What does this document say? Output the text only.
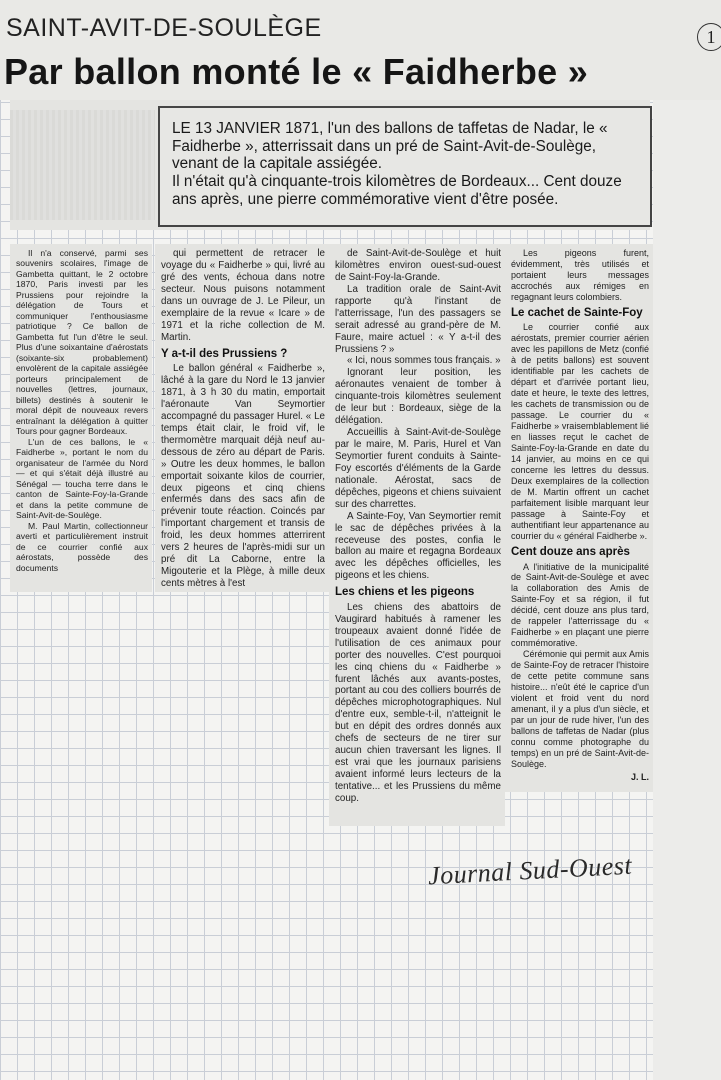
SAINT-AVIT-DE-SOULÈGE
Par ballon monté le « Faidherbe »
1

LE 13 JANVIER 1871, l'un des ballons de taffetas de Nadar, le « Faidherbe », atterrissait dans un pré de Saint-Avit-de-Soulège, venant de la capitale assiégée.

Il n'était qu'à cinquante-trois kilomètres de Bordeaux... Cent douze ans après, une pierre commémorative vient d'être posée.

Il n'a conservé, parmi ses souvenirs scolaires, l'image de Gambetta quittant, le 2 octobre 1870, Paris investi par les Prussiens pour rejoindre la délégation de Tours et communiquer l'enthousiasme patriotique ? Ce ballon de Gambetta fut l'un d'être le seul. Plus d'une soixantaine d'aérostats (soixante-six probablement) envolèrent de la capitale assiégée porteurs principalement de nouvelles (lettres, journaux, billets) destinés à soutenir le moral dépit de nouveaux revers entraînant la délégation à quitter Tours pour gagner Bordeaux.

L'un de ces ballons, le « Faidherbe », portant le nom du organisateur de l'armée du Nord — et qui s'était déjà illustré au Sénégal — toucha terre dans le canton de Sainte-Foy-la-Grande et dans la petite commune de Saint-Avit-de-Soulège.

M. Paul Martin, collectionneur averti et particulièrement instruit de ce courrier confié aux aérostats, possède des documents

qui permettent de retracer le voyage du « Faidherbe » qui, livré au gré des vents, échoua dans notre secteur. Nous puisons notamment dans un ouvrage de J. Le Pileur, un exemplaire de la revue « Icare » de 1971 et la riche collection de M. Martin.

Y a-t-il des Prussiens ?

Le ballon général « Faidherbe », lâché à la gare du Nord le 13 janvier 1871, à 3 h 30 du matin, emportait l'aéronaute Van Seymortier accompagné du passager Hurel. « Le temps était clair, le froid vif, le thermomètre marquait déjà neuf au-dessous de zéro au départ de Paris. » Outre les deux hommes, le ballon emportait soixante kilos de courrier, deux pigeons et cinq chiens enfermés dans des sacs afin de prévenir toute réaction. Coincés par l'important chargement et transis de froid, les deux hommes atterrirent vers 2 heures de l'après-midi sur un pré dit La Caborne, entre la Migouterie et la Plège, à mille deux cents mètres à l'est

de Saint-Avit-de-Soulège et huit kilomètres environ ouest-sud-ouest de Saint-Foy-la-Grande.

La tradition orale de Saint-Avit rapporte qu'à l'instant de l'atterrissage, l'un des passagers se serait adressé au grand-père de M. Faure, maire actuel : « Y a-t-il des Prussiens ? »

« Ici, nous sommes tous français. »

Ignorant leur position, les aéronautes venaient de tomber à cinquante-trois kilomètres seulement de leur but : Bordeaux, siège de la délégation.

Accueillis à Saint-Avit-de-Soulège par le maire, M. Paris, Hurel et Van Seymortier furent conduits à Sainte-Foy escortés d'éléments de la Garde nationale. Aérostat, sacs de dépêches, pigeons et chiens suivaient sur des charrettes.

A Sainte-Foy, Van Seymortier remit le sac de dépêches privées à la receveuse des postes, confia le ballon au maire et regagna Bordeaux avec les dépêches officielles, les pigeons et les chiens.

Les chiens et les pigeons

Les chiens des abattoirs de Vaugirard habitués à ramener les troupeaux avaient donné l'idée de l'utilisation de ces animaux pour porter des nouvelles. C'est pourquoi les cinq chiens du « Faidherbe » furent lâchés aux avants-postes, portant au cou des colliers bourrés de dépêches microphotographiques. Nul d'entre eux, semble-t-il, n'atteignit le but en dépit des ordres donnés aux chefs de secteurs de ne tirer sur aucun chien traversant les lignes. Il est vrai que les journaux parisiens avaient informé leurs lecteurs de la tentative... et les Prussiens du même coup.

Les pigeons furent, évidemment, très utilisés et portaient leurs messages accrochés aux rémiges en regagnant leurs colombiers.

Le cachet de Sainte-Foy

Le courrier confié aux aérostats, premier courrier aérien avec les papillons de Metz (confié à de petits ballons) est souvent identifiable par les cachets de départ et d'arrivée portant lieu, date et heure, le texte des lettres, les cachets de transmission ou de passage. Le courrier du « Faidherbe » vraisemblablement lié en liasses reçut le cachet de Sainte-Foy-la-Grande en date du 14 janvier, au moins en ce qui concerne les lettres du dessus. Deux exemplaires de la collection de M. Martin offrent un cachet parfaitement lisible marquant leur passage à Sainte-Foy et authentifiant leur appartenance au courrier du « général Faidherbe ».

Cent douze ans après

A l'initiative de la municipalité de Saint-Avit-de-Soulège et avec la collaboration des Amis de Sainte-Foy et sa région, il fut décidé, cent douze ans plus tard, de rappeler l'atterrissage du « Faidherbe » en plaçant une pierre commémorative.

Cérémonie qui permit aux Amis de Sainte-Foy de retracer l'histoire de cette petite commune sans histoire... n'eût été le caprice d'un violent et froid vent du nord amenant, il y a plus d'un siècle, et par un jour de rude hiver, l'un des ballons de taffetas de Nadar (plus connu comme photographe du temps) en un pré de Saint-Avit-de-Soulège.

J. L.
Journal Sud-Ouest
